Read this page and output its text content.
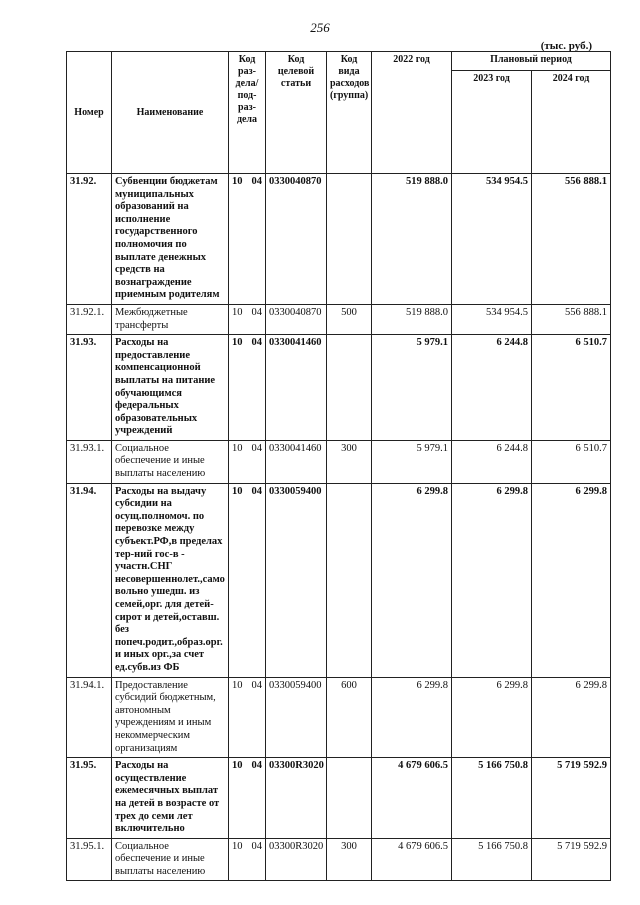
256
(тыс. руб.)
Номер	Наименование	Код раз-дела/ под-раз-дела	Код целевой статьи	Код вида расходов (группа)	2022 год	Плановый период	
						2023 год	2024 год
31.92.	Субвенции бюджетам муниципальных образований на исполнение государственного полномочия по выплате денежных средств на вознаграждение приемным родителям	10 04	0330040870		519 888.0	534 954.5	556 888.1
31.92.1.	Межбюджетные трансферты	10 04	0330040870	500	519 888.0	534 954.5	556 888.1
31.93.	Расходы на предоставление компенсационной выплаты на питание обучающимся федеральных образовательных учреждений	10 04	0330041460		5 979.1	6 244.8	6 510.7
31.93.1.	Социальное обеспечение и иные выплаты населению	10 04	0330041460	300	5 979.1	6 244.8	6 510.7
31.94.	Расходы на выдачу субсидии на осущ.полномоч. по перевозке между субъект.РФ,в пределах тер-ний гос-в - участн.СНГ несовершеннолет.,само вольно ушедш. из семей,орг. для детей-сирот и детей,оставш. без попеч.родит.,образ.орг. и иных орг.,за счет ед.субв.из ФБ	10 04	0330059400		6 299.8	6 299.8	6 299.8
31.94.1.	Предоставление субсидий бюджетным, автономным учреждениям и иным некоммерческим организациям	10 04	0330059400	600	6 299.8	6 299.8	6 299.8
31.95.	Расходы на осуществление ежемесячных выплат на детей в возрасте от трех до семи лет включительно	10 04	03300R3020		4 679 606.5	5 166 750.8	5 719 592.9
31.95.1.	Социальное обеспечение и иные выплаты населению	10 04	03300R3020	300	4 679 606.5	5 166 750.8	5 719 592.9
